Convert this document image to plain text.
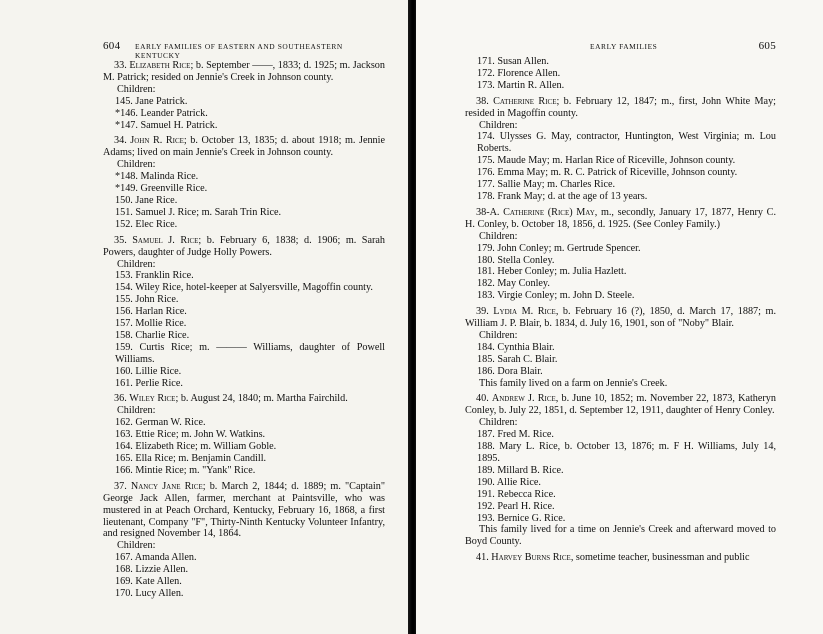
604 EARLY FAMILIES OF EASTERN AND SOUTHEASTERN KENTUCKY

33. Elizabeth Rice; b. September ——, 1833; d. 1925; m. Jackson M. Patrick; resided on Jennie's Creek in Johnson county.

Children:

145. Jane Patrick.

*146. Leander Patrick.

*147. Samuel H. Patrick.

34. John R. Rice; b. October 13, 1835; d. about 1918; m. Jennie Adams; lived on main Jennie's Creek in Johnson county.

Children:

*148. Malinda Rice.

*149. Greenville Rice.

150. Jane Rice.

151. Samuel J. Rice; m. Sarah Trin Rice.

152. Elec Rice.

35. Samuel J. Rice; b. February 6, 1838; d. 1906; m. Sarah Powers, daughter of Judge Holly Powers.

Children:

153. Franklin Rice.

154. Wiley Rice, hotel-keeper at Salyersville, Magoffin county.

155. John Rice.

156. Harlan Rice.

157. Mollie Rice.

158. Charlie Rice.

159. Curtis Rice; m. ——— Williams, daughter of Powell Williams.

160. Lillie Rice.

161. Perlie Rice.

36. Wiley Rice; b. August 24, 1840; m. Martha Fairchild.

Children:

162. German W. Rice.

163. Ettie Rice; m. John W. Watkins.

164. Elizabeth Rice; m. William Goble.

165. Ella Rice; m. Benjamin Candill.

166. Mintie Rice; m. "Yank" Rice.

37. Nancy Jane Rice; b. March 2, 1844; d. 1889; m. "Captain" George Jack Allen, farmer, merchant at Paintsville, who was mustered in at Peach Orchard, Kentucky, February 16, 1868, a first lieutenant, Company "F", Thirty-Ninth Kentucky Volunteer Infantry, and resigned November 14, 1864.

Children:

167. Amanda Allen.

168. Lizzie Allen.

169. Kate Allen.

170. Lucy Allen.

EARLY FAMILIES	605

171. Susan Allen.

172. Florence Allen.

173. Martin R. Allen.

38. Catherine Rice; b. February 12, 1847; m., first, John White May; resided in Magoffin county.

Children:

174. Ulysses G. May, contractor, Huntington, West Virginia; m. Lou Roberts.

175. Maude May; m. Harlan Rice of Riceville, Johnson county.

176. Emma May; m. R. C. Patrick of Riceville, Johnson county.

177. Sallie May; m. Charles Rice.

178. Frank May; d. at the age of 13 years.

38-A. Catherine (Rice) May, m., secondly, January 17, 1877, Henry C. H. Conley, b. October 18, 1856, d. 1925. (See Conley Family.)

Children:

179. John Conley; m. Gertrude Spencer.

180. Stella Conley.

181. Heber Conley; m. Julia Hazlett.

182. May Conley.

183. Virgie Conley; m. John D. Steele.

39. Lydia M. Rice, b. February 16 (?), 1850, d. March 17, 1887; m. William J. P. Blair, b. 1834, d. July 16, 1901, son of "Noby" Blair.

Children:

184. Cynthia Blair.

185. Sarah C. Blair.

186. Dora Blair.

This family lived on a farm on Jennie's Creek.

40. Andrew J. Rice, b. June 10, 1852; m. November 22, 1873, Katheryn Conley, b. July 22, 1851, d. September 12, 1911, daughter of Henry Conley.

Children:

187. Fred M. Rice.

188. Mary L. Rice, b. October 13, 1876; m. F H. Williams, July 14, 1895.

189. Millard B. Rice.

190. Allie Rice.

191. Rebecca Rice.

192. Pearl H. Rice.

193. Bernice G. Rice.

This family lived for a time on Jennie's Creek and afterward moved to Boyd County.

41. Harvey Burns Rice, sometime teacher, businessman and public
